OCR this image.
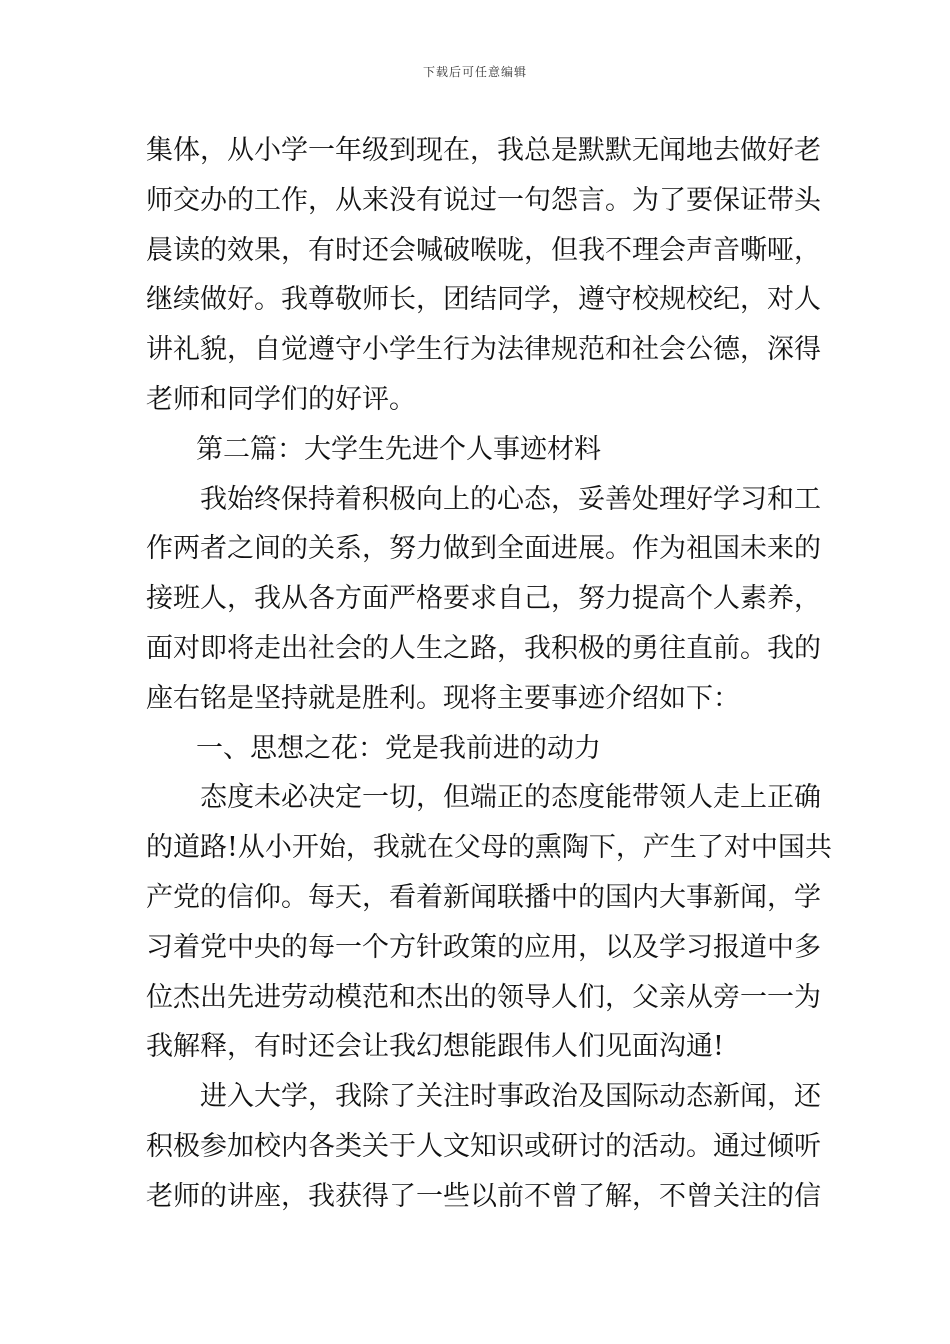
下载后可任意编辑
集体，从小学一年级到现在，我总是默默无闻地去做好老
师交办的工作，从来没有说过一句怨言。为了要保证带头
晨读的效果，有时还会喊破喉咙，但我不理会声音嘶哑，
继续做好。我尊敬师长，团结同学，遵守校规校纪，对人
讲礼貌，自觉遵守小学生行为法律规范和社会公德，深得
老师和同学们的好评。
第二篇：大学生先进个人事迹材料
我始终保持着积极向上的心态，妥善处理好学习和工
作两者之间的关系，努力做到全面进展。作为祖国未来的
接班人，我从各方面严格要求自己，努力提高个人素养，
面对即将走出社会的人生之路，我积极的勇往直前。我的
座右铭是坚持就是胜利。现将主要事迹介绍如下：
一、思想之花：党是我前进的动力
态度未必决定一切，但端正的态度能带领人走上正确
的道路!从小开始，我就在父母的熏陶下，产生了对中国共
产党的信仰。每天，看着新闻联播中的国内大事新闻，学
习着党中央的每一个方针政策的应用，以及学习报道中多
位杰出先进劳动模范和杰出的领导人们，父亲从旁一一为
我解释，有时还会让我幻想能跟伟人们见面沟通!
进入大学，我除了关注时事政治及国际动态新闻，还
积极参加校内各类关于人文知识或研讨的活动。通过倾听
老师的讲座，我获得了一些以前不曾了解，不曾关注的信
